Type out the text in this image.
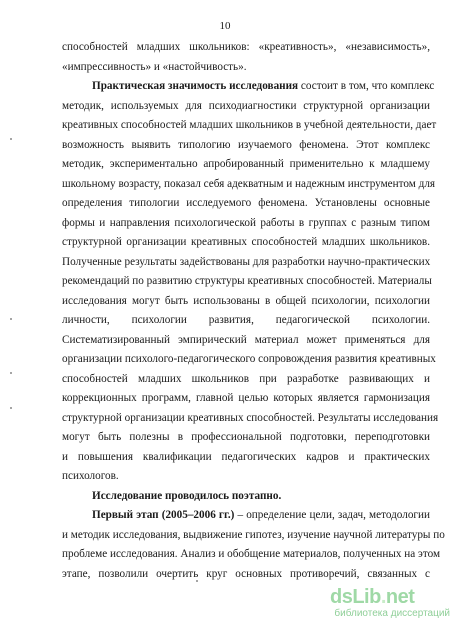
10
способностей младших школьников: «креативность», «независимость»,
«импрессивность» и «настойчивость».
Практическая значимость исследования состоит в том, что комплекс
методик, используемых для психодиагностики структурной организации
креативных способностей младших школьников в учебной деятельности, дает
возможность выявить типологию изучаемого феномена. Этот комплекс
методик, экспериментально апробированный применительно к младшему
школьному возрасту, показал себя адекватным и надежным инструментом для
определения типологии исследуемого феномена. Установлены основные
формы и направления психологической работы в группах с разным типом
структурной организации креативных способностей младших школьников.
Полученные результаты задействованы для разработки научно-практических
рекомендаций по развитию структуры креативных способностей. Материалы
исследования могут быть использованы в общей психологии, психологии
личности, психологии развития, педагогической психологии.
Систематизированный эмпирический материал может применяться для
организации психолого-педагогического сопровождения развития креативных
способностей младших школьников при разработке развивающих и
коррекционных программ, главной целью которых является гармонизация
структурной организации креативных способностей. Результаты исследования
могут быть полезны в профессиональной подготовки, переподготовки
и повышения квалификации педагогических кадров и практических
психологов.
Исследование проводилось поэтапно.
Первый этап (2005–2006 гг.) – определение цели, задач, методологии
и методик исследования, выдвижение гипотез, изучение научной литературы по
проблеме исследования. Анализ и обобщение материалов, полученных на этом
этапе, позволили очертить круг основных противоречий, связанных с
dsLib.net
библиотека диссертаций
